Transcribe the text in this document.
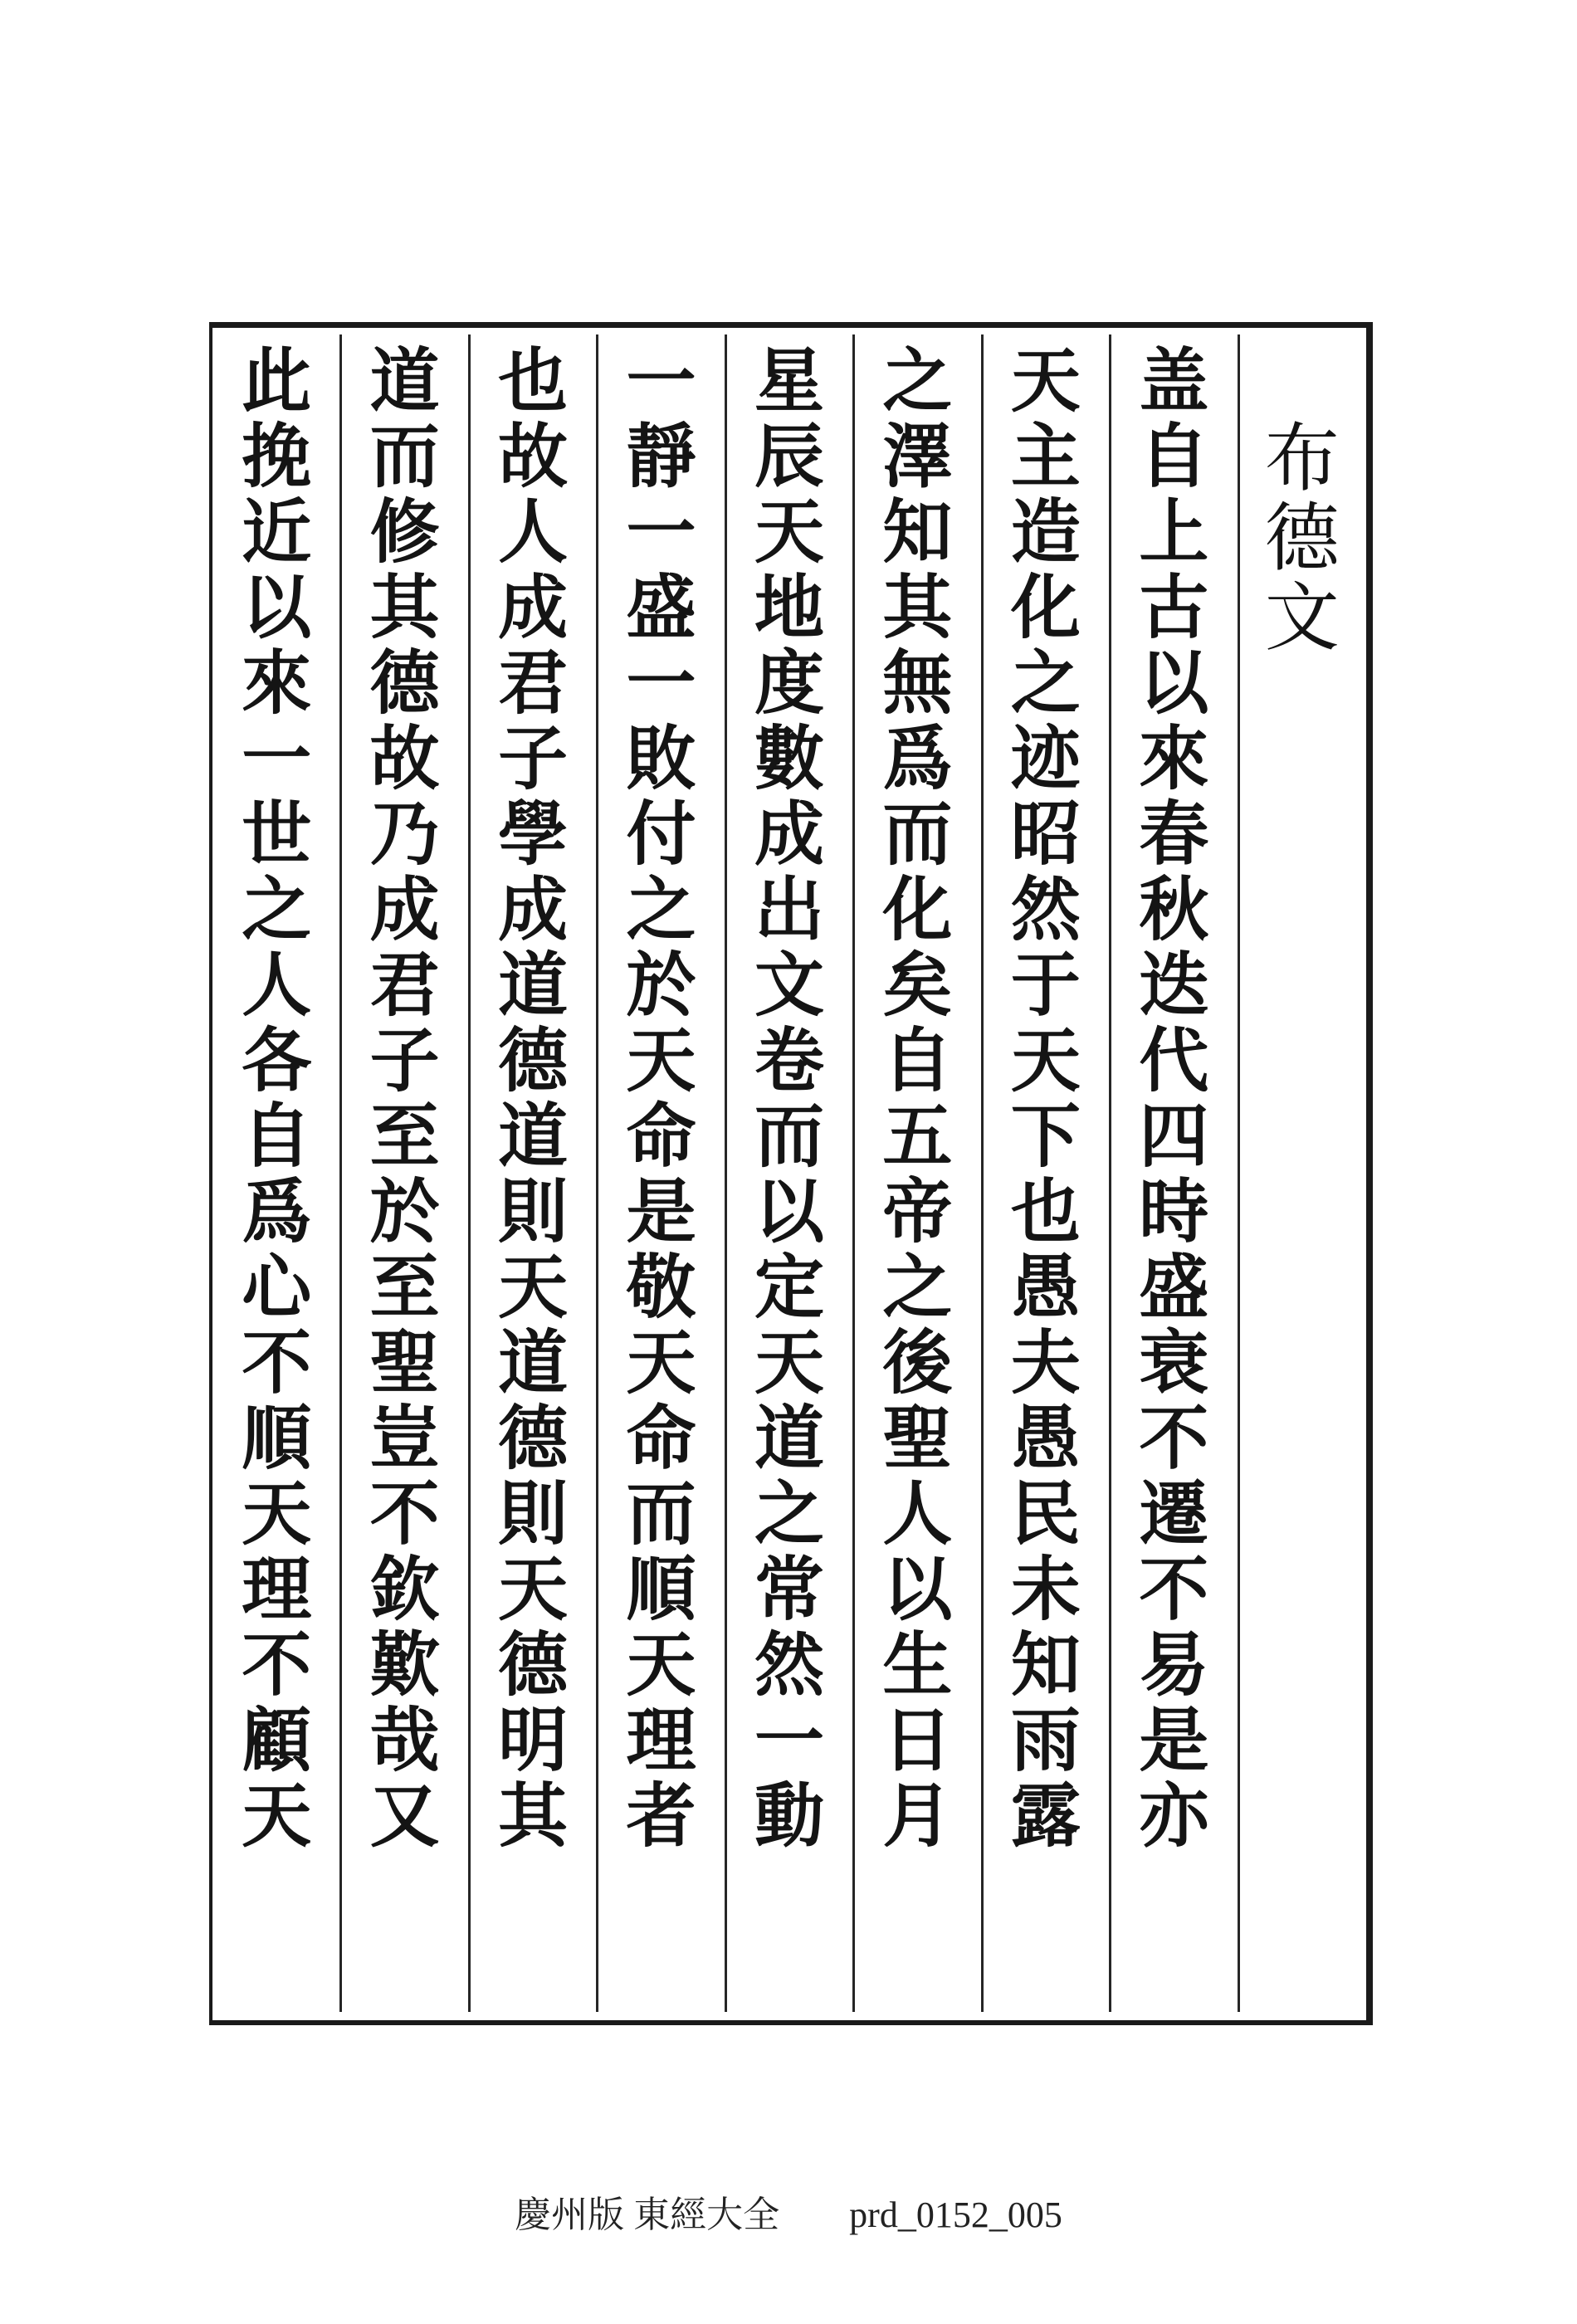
布
德
文
盖
自
上
古
以
來
春
秋
迭
代
四
時
盛
衰
不
遷
不
易
是
亦
天
主
造
化
之
迹
昭
然
于
天
下
也
愚
夫
愚
民
未
知
雨
露
之
澤
知
其
無
爲
而
化
矣
自
五
帝
之
後
聖
人
以
生
日
月
星
辰
天
地
度
數
成
出
文
卷
而
以
定
天
道
之
常
然
一
動
一
靜
一
盛
一
敗
付
之
於
天
命
是
敬
天
命
而
順
天
理
者
也
故
人
成
君
子
學
成
道
德
道
則
天
道
德
則
天
德
明
其
道
而
修
其
德
故
乃
成
君
子
至
於
至
聖
豈
不
欽
歎
哉
又
此
挽
近
以
來
一
世
之
人
各
自
爲
心
不
順
天
理
不
顧
天
慶州版 東經大全 prd_0152_005
